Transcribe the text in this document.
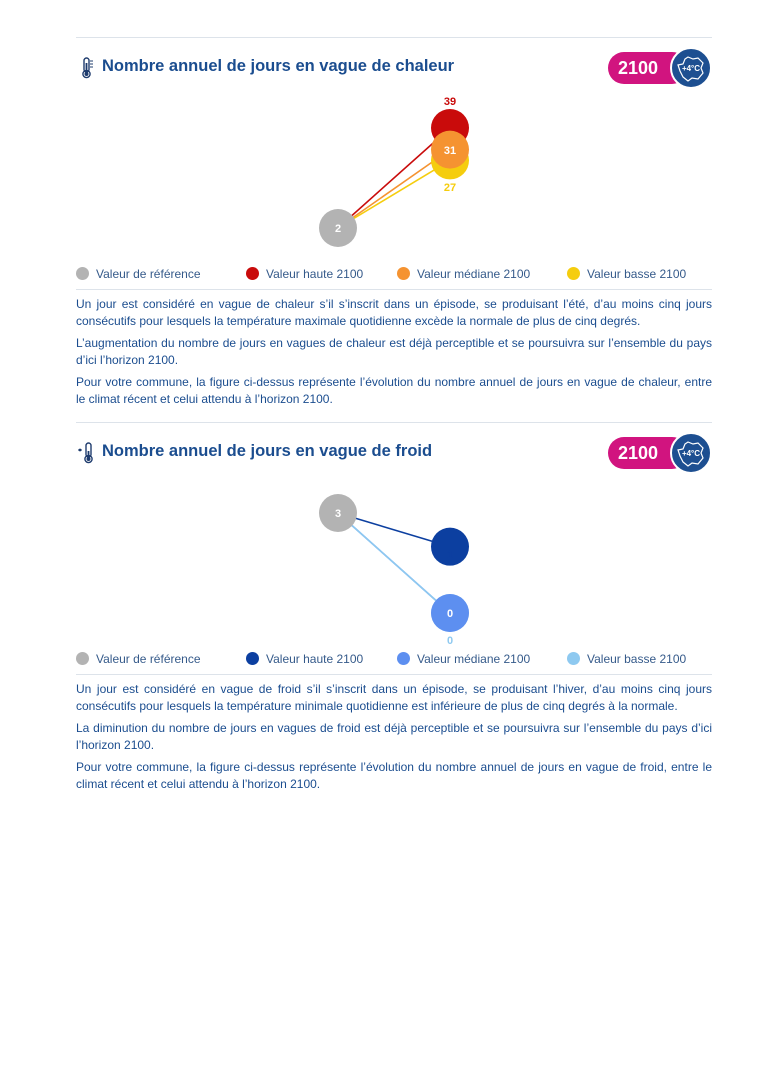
Nombre annuel de jours en vague de chaleur	2100	+4°C
2
39
31
27
Valeur de référence	Valeur haute 2100	Valeur médiane 2100	Valeur basse 2100

Un jour est considéré en vague de chaleur s’il s’inscrit dans un épisode, se produisant l’été, d’au moins cinq jours consécutifs pour lesquels la température maximale quotidienne excède la normale de plus de cinq degrés.

L’augmentation du nombre de jours en vagues de chaleur est déjà perceptible et se poursuivra sur l’ensemble du pays d’ici l’horizon 2100.

Pour votre commune, la figure ci-dessus représente l’évolution du nombre annuel de jours en vague de chaleur, entre le climat récent et celui attendu à l’horizon 2100.

Nombre annuel de jours en vague de froid	2100	+4°C
3
1
0
0
Valeur de référence	Valeur haute 2100	Valeur médiane 2100	Valeur basse 2100

Un jour est considéré en vague de froid s’il s’inscrit dans un épisode, se produisant l’hiver, d’au moins cinq jours consécutifs pour lesquels la température minimale quotidienne est inférieure de plus de cinq degrés à la normale.

La diminution du nombre de jours en vagues de froid est déjà perceptible et se poursuivra sur l’ensemble du pays d’ici l’horizon 2100.

Pour votre commune, la figure ci-dessus représente l’évolution du nombre annuel de jours en vague de froid, entre le climat récent et celui attendu à l’horizon 2100.
